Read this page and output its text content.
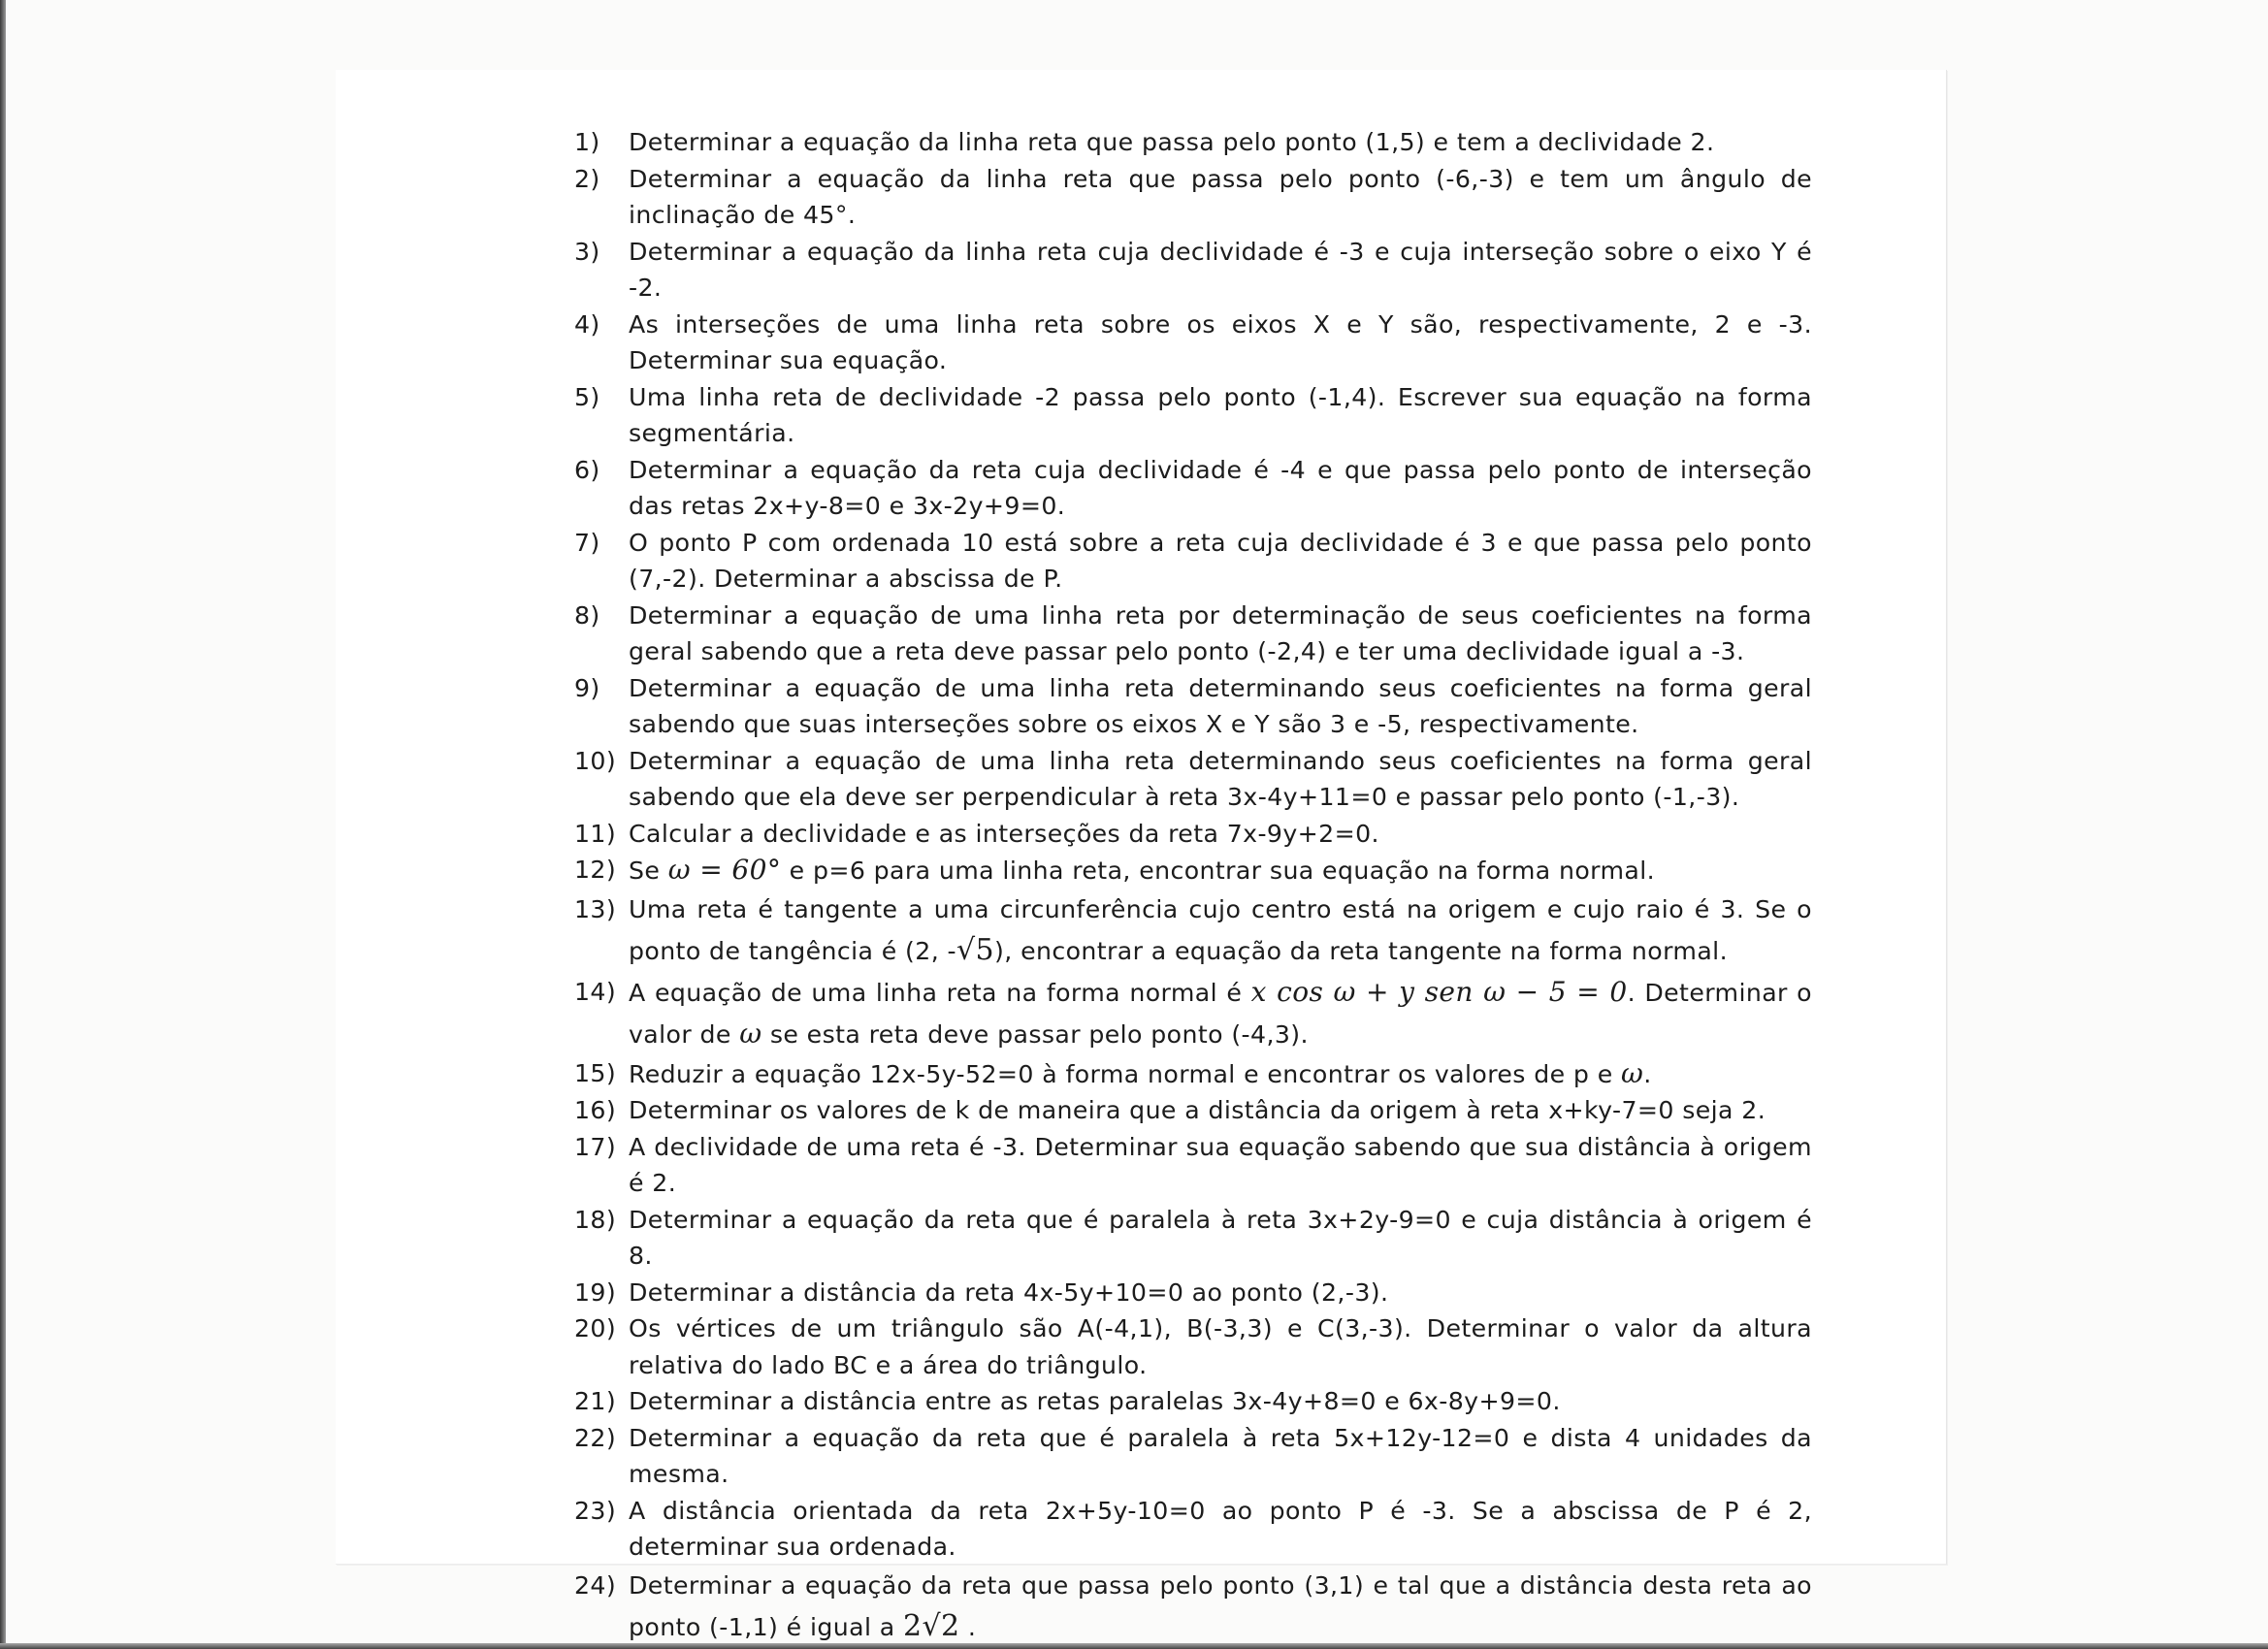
1)	Determinar a equação da linha reta que passa pelo ponto (1,5) e tem a declividade 2.
2)	Determinar a equação da linha reta que passa pelo ponto (-6,-3) e tem um ângulo de inclinação de 45°.
3)	Determinar a equação da linha reta cuja declividade é -3 e cuja interseção sobre o eixo Y é -2.
4)	As interseções de uma linha reta sobre os eixos X e Y são, respectivamente, 2 e -3. Determinar sua equação.
5)	Uma linha reta de declividade -2 passa pelo ponto (-1,4). Escrever sua equação na forma segmentária.
6)	Determinar a equação da reta cuja declividade é -4 e que passa pelo ponto de interseção das retas 2x+y-8=0 e 3x-2y+9=0.
7)	O ponto P com ordenada 10 está sobre a reta cuja declividade é 3 e que passa pelo ponto (7,-2). Determinar a abscissa de P.
8)	Determinar a equação de uma linha reta por determinação de seus coeficientes na forma geral sabendo que a reta deve passar pelo ponto (-2,4) e ter uma declividade igual a -3.
9)	Determinar a equação de uma linha reta determinando seus coeficientes na forma geral sabendo que suas interseções sobre os eixos X e Y são 3 e -5, respectivamente.
10) Determinar a equação de uma linha reta determinando seus coeficientes na forma geral sabendo que ela deve ser perpendicular à reta 3x-4y+11=0 e passar pelo ponto (-1,-3).
11) Calcular a declividade e as interseções da reta 7x-9y+2=0.
12) Se ω = 60° e p=6 para uma linha reta, encontrar sua equação na forma normal.
13) Uma reta é tangente a uma circunferência cujo centro está na origem e cujo raio é 3. Se o ponto de tangência é (2, -√5), encontrar a equação da reta tangente na forma normal.
14) A equação de uma linha reta na forma normal é x cos ω + y sen ω − 5 = 0. Determinar o valor de ω se esta reta deve passar pelo ponto (-4,3).
15) Reduzir a equação 12x-5y-52=0 à forma normal e encontrar os valores de p e ω.
16) Determinar os valores de k de maneira que a distância da origem à reta x+ky-7=0 seja 2.
17) A declividade de uma reta é -3. Determinar sua equação sabendo que sua distância à origem é 2.
18) Determinar a equação da reta que é paralela à reta 3x+2y-9=0 e cuja distância à origem é 8.
19) Determinar a distância da reta 4x-5y+10=0 ao ponto (2,-3).
20) Os vértices de um triângulo são A(-4,1), B(-3,3) e C(3,-3). Determinar o valor da altura relativa do lado BC e a área do triângulo.
21) Determinar a distância entre as retas paralelas 3x-4y+8=0 e 6x-8y+9=0.
22) Determinar a equação da reta que é paralela à reta 5x+12y-12=0 e dista 4 unidades da mesma.
23) A distância orientada da reta 2x+5y-10=0 ao ponto P é -3. Se a abscissa de P é 2, determinar sua ordenada.
24) Determinar a equação da reta que passa pelo ponto (3,1) e tal que a distância desta reta ao ponto (-1,1) é igual a 2√2 .
